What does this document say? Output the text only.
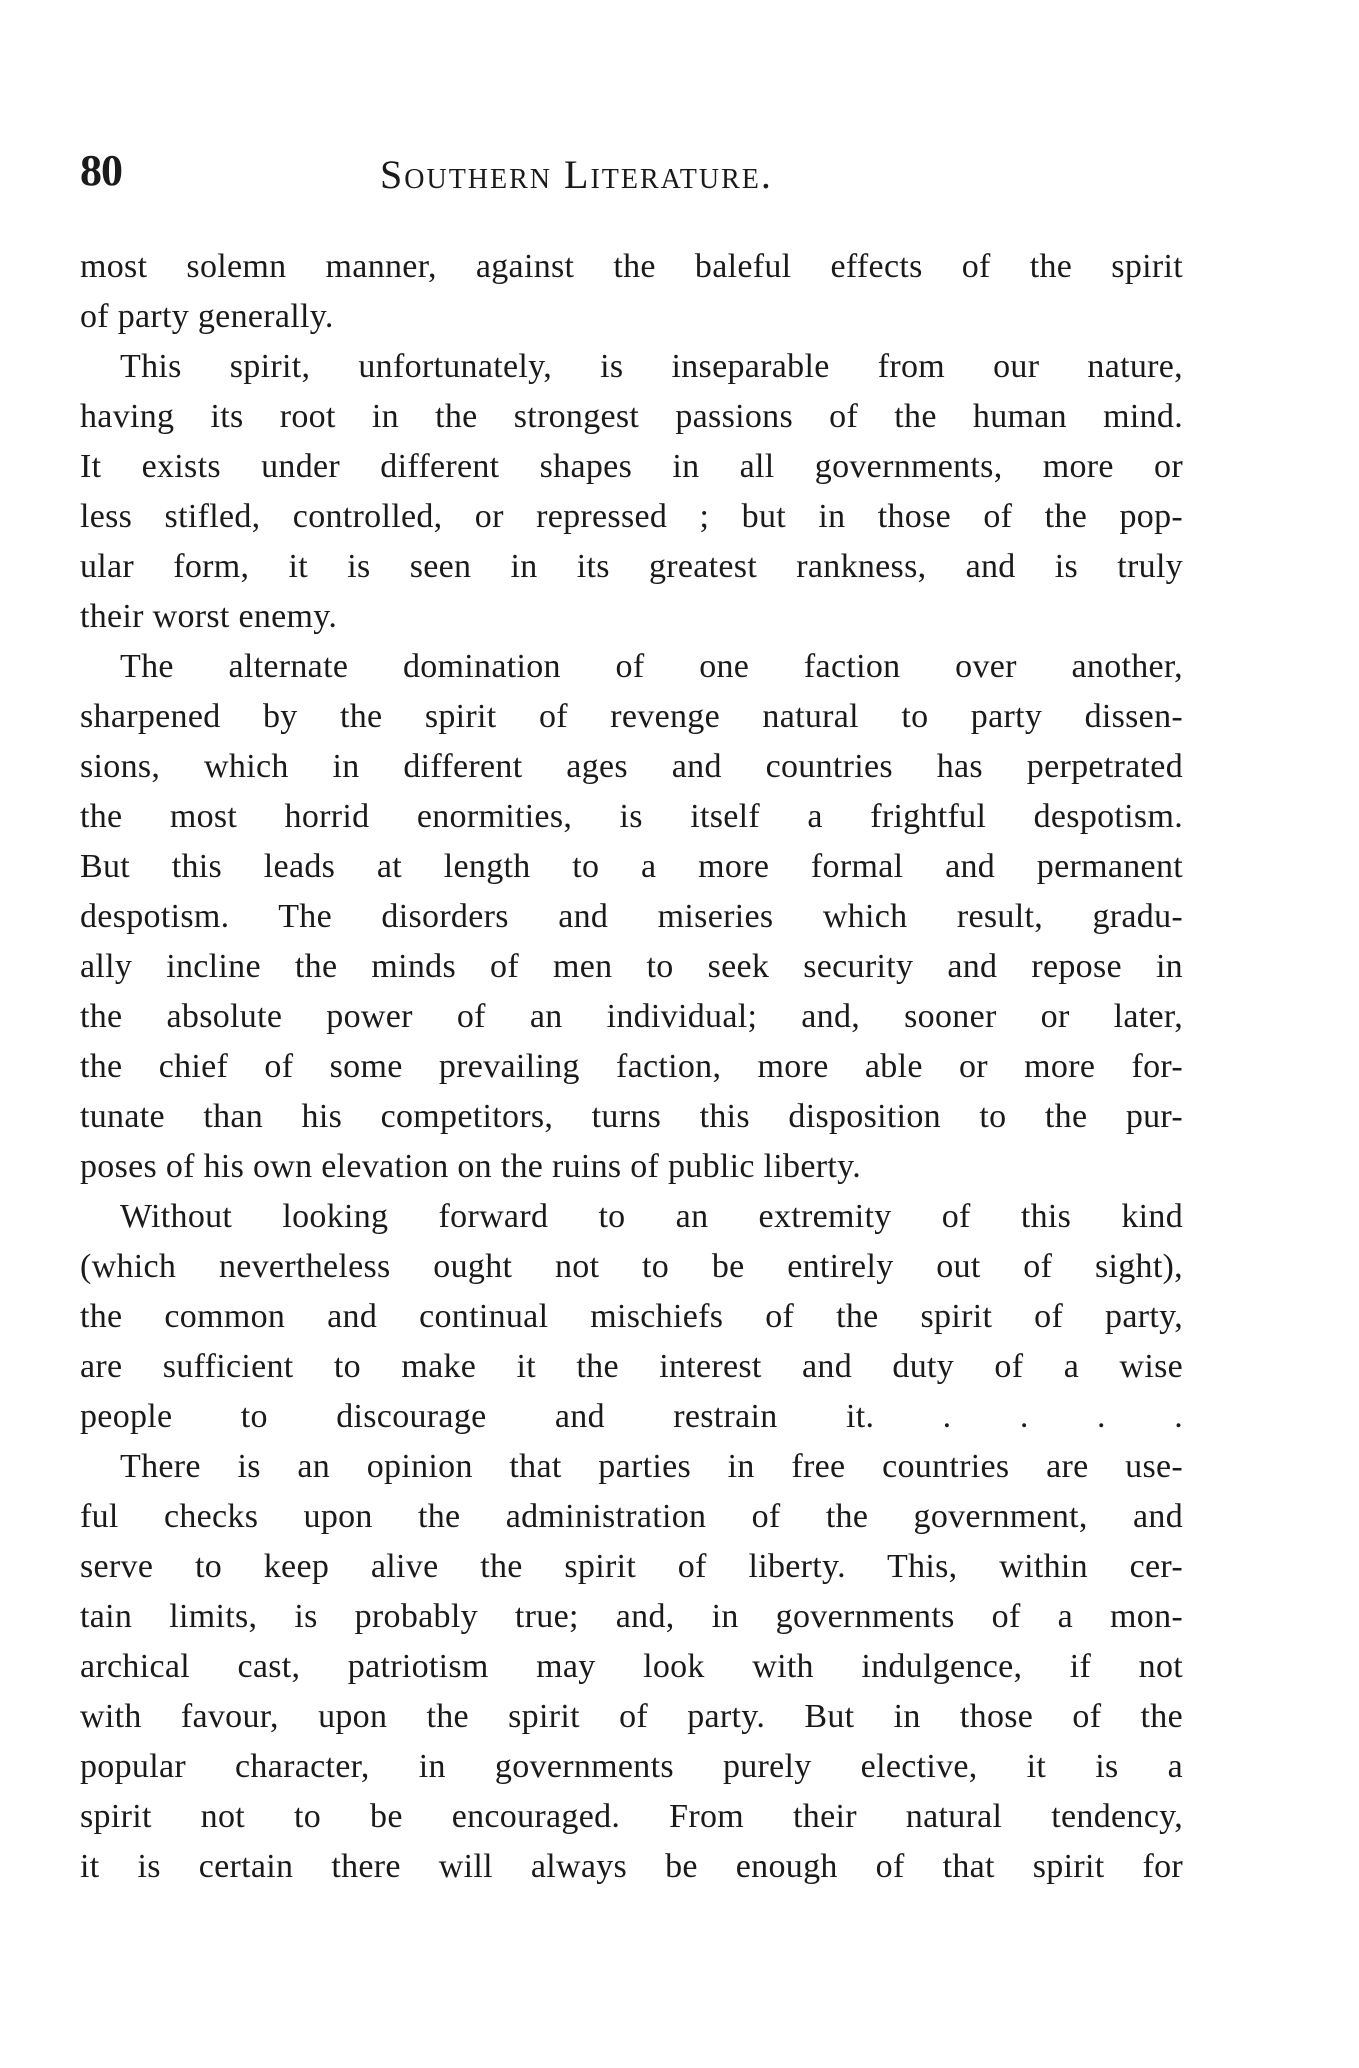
80	Southern Literature.
most solemn manner, against the baleful effects of the spirit
of party generally.
This spirit, unfortunately, is inseparable from our nature,
having its root in the strongest passions of the human mind.
It exists under different shapes in all governments, more or
less stifled, controlled, or repressed ; but in those of the pop-
ular form, it is seen in its greatest rankness, and is truly
their worst enemy.
The alternate domination of one faction over another,
sharpened by the spirit of revenge natural to party dissen-
sions, which in different ages and countries has perpetrated
the most horrid enormities, is itself a frightful despotism.
But this leads at length to a more formal and permanent
despotism. The disorders and miseries which result, gradu-
ally incline the minds of men to seek security and repose in
the absolute power of an individual; and, sooner or later,
the chief of some prevailing faction, more able or more for-
tunate than his competitors, turns this disposition to the pur-
poses of his own elevation on the ruins of public liberty.
Without looking forward to an extremity of this kind
(which nevertheless ought not to be entirely out of sight),
the common and continual mischiefs of the spirit of party,
are sufficient to make it the interest and duty of a wise
people to discourage and restrain it. . . . .
There is an opinion that parties in free countries are use-
ful checks upon the administration of the government, and
serve to keep alive the spirit of liberty. This, within cer-
tain limits, is probably true; and, in governments of a mon-
archical cast, patriotism may look with indulgence, if not
with favour, upon the spirit of party. But in those of the
popular character, in governments purely elective, it is a
spirit not to be encouraged. From their natural tendency,
it is certain there will always be enough of that spirit for
